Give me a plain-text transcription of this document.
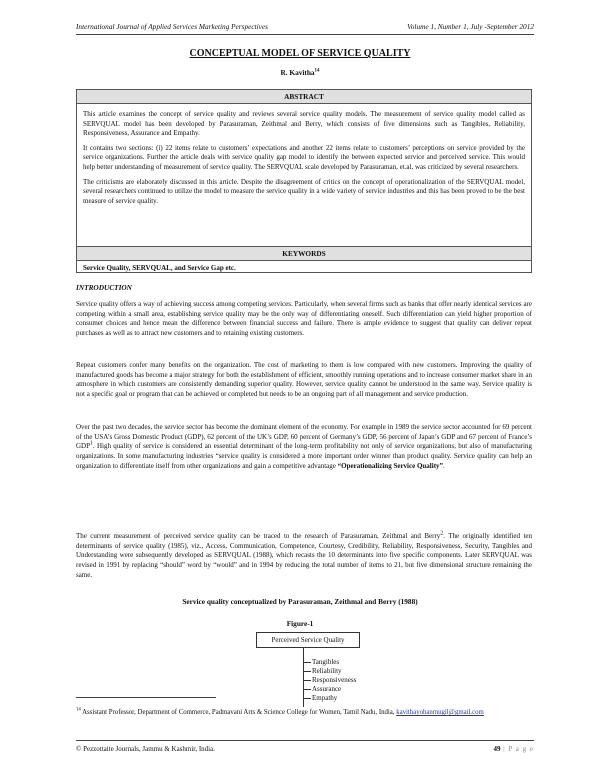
International Journal of Applied Services Marketing Perspectives	Volume 1, Number 1, July -September 2012
CONCEPTUAL MODEL OF SERVICE QUALITY
R. Kavitha$^{14}$
ABSTRACT

This article examines the concept of service quality and reviews several service quality models. The measurement of service quality model called as SERVQUAL model has been developed by Parasuraman, Zeithmal and Berry, which consists of five dimensions such as Tangibles, Reliability, Responsiveness, Assurance and Empathy.

It contains two sections: (i) 22 items relate to customers’ expectations and another 22 items relate to customers’ perceptions on service provided by the service organizations. Further the article deals with service quality gap model to identify the between expected service and perceived service. This would help better understanding of measurement of service quality. The SERVQUAL scale developed by Parasuraman, et.al, was criticized by several researchers.

The criticisms are elaborately discussed in this article. Despite the disagreement of critics on the concept of operationalization of the SERVQUAL model, several researchers continued to utilize the model to measure the service quality in a wide variety of service industries and this has been proved to be the best measure of service quality.

KEYWORDS
Service Quality, SERVQUAL, and Service Gap etc.
INTRODUCTION

Service quality offers a way of achieving success among competing services. Particularly, when several firms such as banks that offer nearly identical services are competing within a small area, establishing service quality may be the only way of differentiating oneself. Such differentiation can yield higher proportion of consumer choices and hence mean the difference between financial success and failure. There is ample evidence to suggest that quality can deliver repeat purchases as well as to attract new customers and to retaining existing customers.

Repeat customers confer many benefits on the organization. The cost of marketing to them is low compared with new customers. Improving the quality of manufactured goods has become a major strategy for both the establishment of efficient, smoothly running operations and to increase consumer market share in an atmosphere in which customers are consistently demanding superior quality. However, service quality cannot be understood in the same way. Service quality is not a specific goal or program that can be achieved or completed but needs to be an ongoing part of all management and service production.

Over the past two decades, the service sector has become the dominant element of the economy. For example in 1989 the service sector accounted for 69 percent of the USA’s Gross Domestic Product (GDP), 62 percent of the UK’s GDP, 60 percent of Germany’s GDP, 56 percent of Japan’s GDP and 67 percent of France’s GDP$^1$. High quality of service is considered an essential determinant of the long-term profitability not only of service organizations, but also of manufacturing organizations. In some manufacturing industries “service quality is considered a more important order winner than product quality. Service quality can help an organization to differentiate itself from other organizations and gain a competitive advantage “Operationalizing Service Quality”.

The current measurement of perceived service quality can be traced to the research of Parasuraman, Zeithmal and Berry$^2$. The originally identified ten determinants of service quality (1985), viz., Access, Communication, Competence, Courtesy, Credibility, Reliability, Responsiveness, Security, Tangibles and Understanding were subsequently developed as SERVQUAL (1988), which recasts the 10 determinants into five specific components. Later SERVQUAL was revised in 1991 by replacing “should” word by “would” and in 1994 by reducing the total number of items to 21, but five dimensional structure remaining the same.

Service quality conceptualized by Parasuraman, Zeithmal and Berry (1988)
Figure-1
Perceived Service Quality
Tangibles
Reliability
Responsiveness
Assurance
Empathy
$^{14}$ Assistant Professor, Department of Commerce, Padmavani Arts & Science College for Women, Tamil Nadu, India, kavithayohanmugil@gmail.com
© Pezzottaite Journals, Jammu & Kashmir, India.	49 | P a g e
